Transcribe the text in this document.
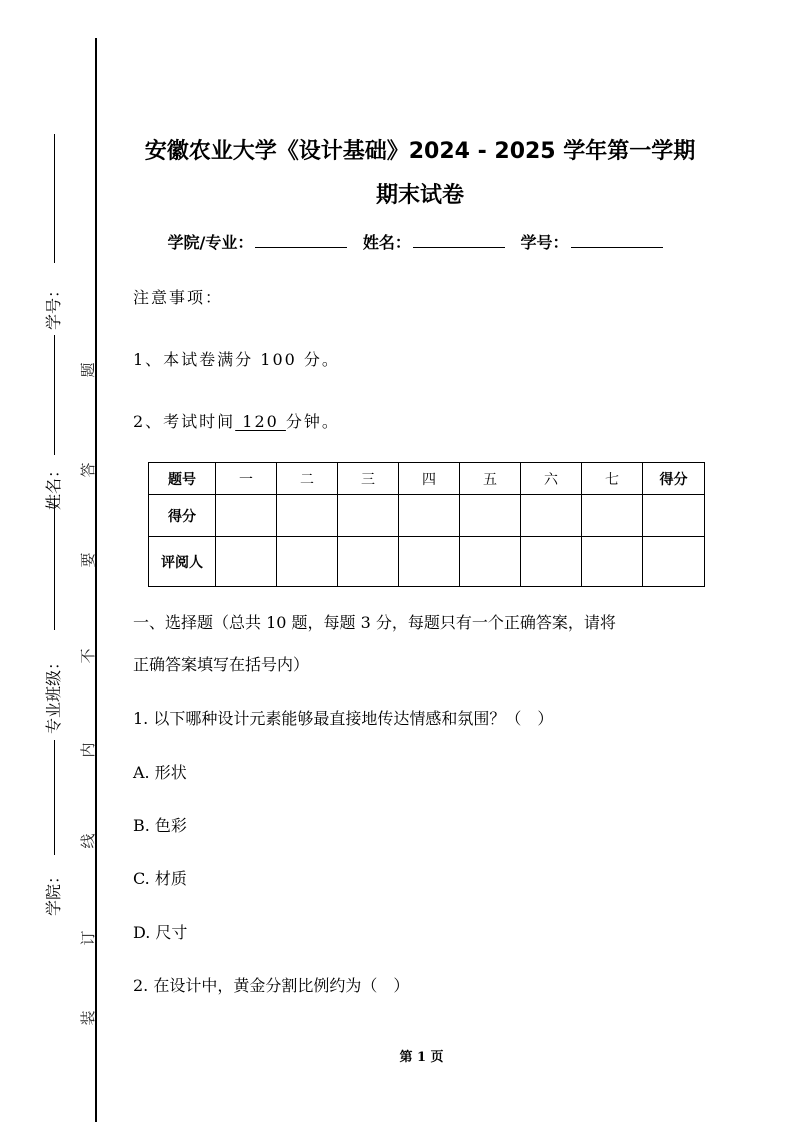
学号：
姓名：
专业班级：
学院：
题
答
要
不
内
线
订
装
安徽农业大学《设计基础》2024 - 2025 学年第一学期
期末试卷
学院/专业：	姓名：	学号：
注意事项：
1、本试卷满分 100 分。
2、考试时间 120 分钟。
题号	一	二	三	四	五	六	七	得分
得分								
评阅人								
一、选择题（总共 10 题，每题 3 分，每题只有一个正确答案，请将
正确答案填写在括号内）
1. 以下哪种设计元素能够最直接地传达情感和氛围？（　）
A. 形状
B. 色彩
C. 材质
D. 尺寸
2. 在设计中，黄金分割比例约为（　）
第 1 页
